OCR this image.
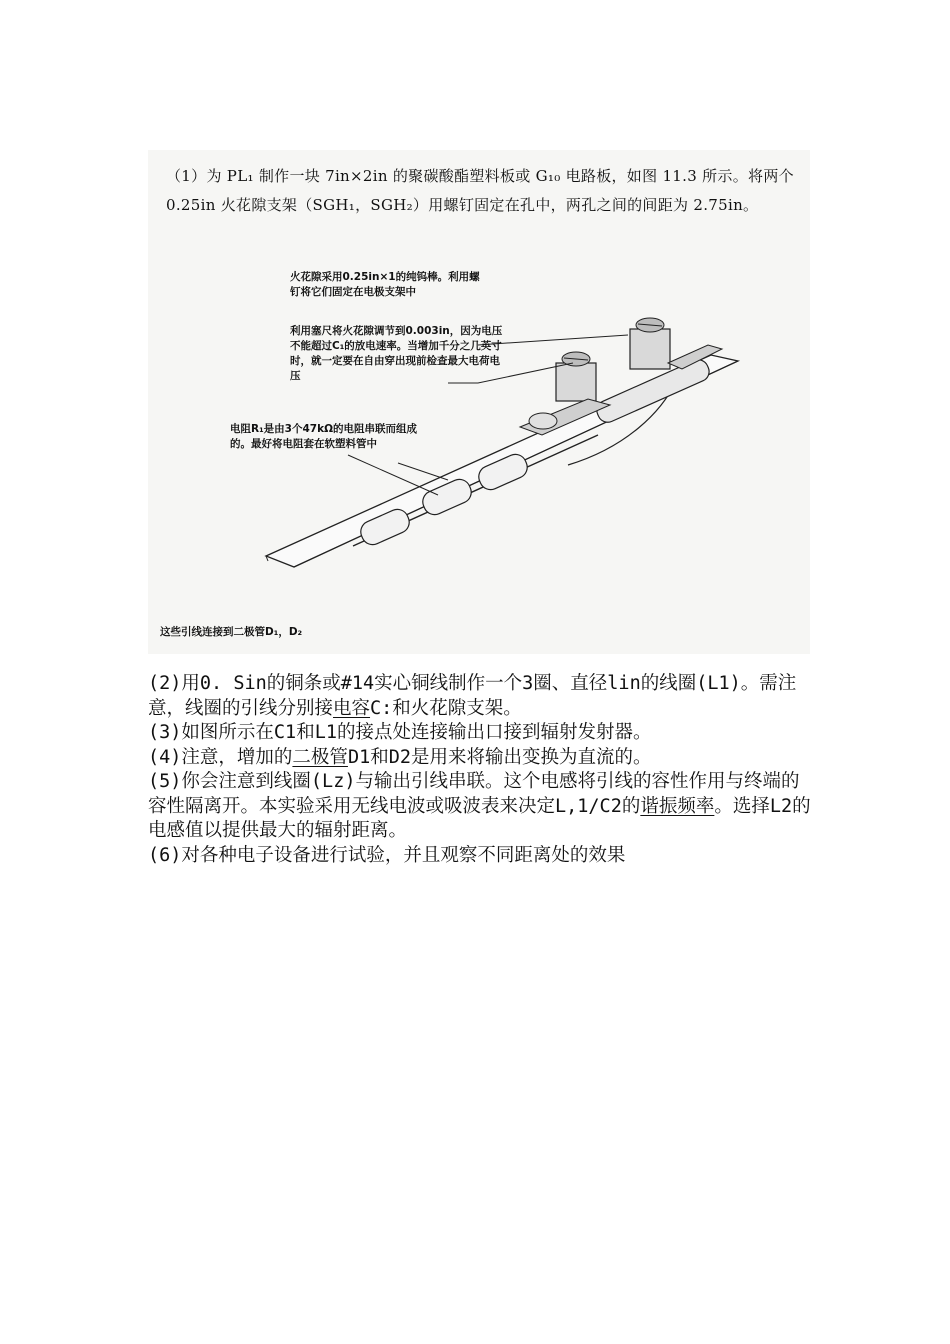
（1）为 PL₁ 制作一块 7in×2in 的聚碳酸酯塑料板或 G₁₀ 电路板，如图 11.3 所示。将两个 0.25in 火花隙支架（SGH₁，SGH₂）用螺钉固定在孔中，两孔之间的间距为 2.75in。

火花隙采用0.25in×1的纯钨棒。利用螺钉将它们固定在电极支架中
利用塞尺将火花隙调节到0.003in，因为电压不能超过C₁的放电速率。当增加千分之几英寸时，就一定要在自由穿出现前检查最大电荷电压
电阻R₁是由3个47kΩ的电阻串联而组成的。最好将电阻套在软塑料管中
这些引线连接到二极管D₁，D₂

(2)用0. Sin的铜条或#14实心铜线制作一个3圈、直径lin的线圈(L1)。需注意，线圈的引线分别接电容C:和火花隙支架。

(3)如图所示在C1和L1的接点处连接输出口接到辐射发射器。

(4)注意，增加的二极管D1和D2是用来将输出变换为直流的。

(5)你会注意到线圈(Lz)与输出引线串联。这个电感将引线的容性作用与终端的容性隔离开。本实验采用无线电波或吸波表来决定L,1/C2的谐振频率。选择L2的电感值以提供最大的辐射距离。

(6)对各种电子设备进行试验，并且观察不同距离处的效果
